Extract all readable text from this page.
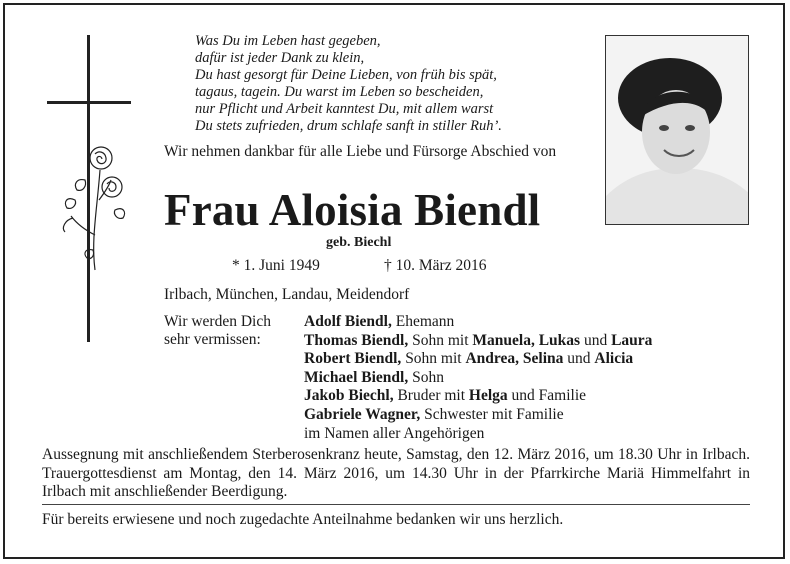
Was Du im Leben hast gegeben,
dafür ist jeder Dank zu klein,
Du hast gesorgt für Deine Lieben, von früh bis spät,
tagaus, tagein. Du warst im Leben so bescheiden,
nur Pflicht und Arbeit kanntest Du, mit allem warst
Du stets zufrieden, drum schlafe sanft in stiller Ruh’.
Wir nehmen dankbar für alle Liebe und Fürsorge Abschied von
Frau Aloisia Biendl
geb. Biechl
* 1. Juni 1949	† 10. März 2016
Irlbach, München, Landau, Meidendorf
Wir werden Dich
sehr vermissen:
Adolf Biendl, Ehemann
Thomas Biendl, Sohn mit Manuela, Lukas und Laura
Robert Biendl, Sohn mit Andrea, Selina und Alicia
Michael Biendl, Sohn
Jakob Biechl, Bruder mit Helga und Familie
Gabriele Wagner, Schwester mit Familie
im Namen aller Angehörigen
Aussegnung mit anschließendem Sterberosenkranz heute, Samstag, den 12. März 2016, um 18.30 Uhr in Irlbach. Trauergottesdienst am Montag, den 14. März 2016, um 14.30 Uhr in der Pfarrkirche Mariä Himmelfahrt in Irlbach mit anschließender Beerdigung.
Für bereits erwiesene und noch zugedachte Anteilnahme bedanken wir uns herzlich.
